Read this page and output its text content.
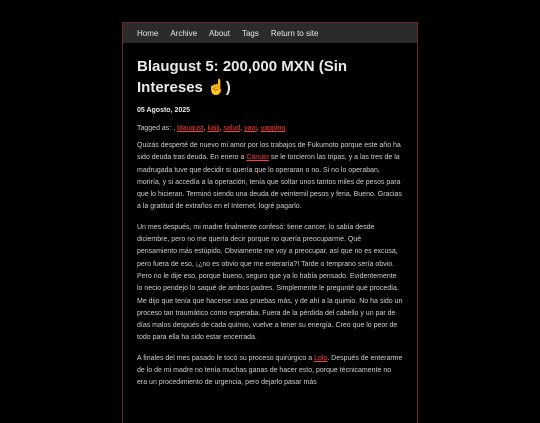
Home Archive About Tags Return to site
Blaugust 5: 200,000 MXN (Sin Intereses ☝️)
05 Agosto, 2025
Tagged as: , blaugust, kaiji, salud, yaoi, yapping

Quizás desperté de nuevo mi amor por los trabajos de Fukumoto porque este año ha sido deuda tras deuda. En enero a Canuto se le torcieron las tripas, y a las tres de la madrugada tuve que decidir si quería que lo operaran o no. Si no lo operaban, moriría, y si accedía a la operación, tenía que soltar unos tantos miles de pesos para que lo hicieran. Terminó siendo una deuda de veintemil pesos y feria. Bueno. Gracias a la gratitud de extraños en el Internet, logré pagarlo.

Un mes después, mi madre finalmente confesó: tiene cancer, lo sabía desde diciembre, pero no me quería decir porque no quería preocuparme. Qué pensamiento más estúpido. Obviamente me voy a preocupar, así que no es excusa, pero fuera de eso, ¡¿no es obvio que me enteraría?! Tarde o temprano sería obvio. Pero no le dije eso, porque bueno, seguro que ya lo había pensado. Evidentemente lo necio pendejo lo saqué de ambos padres. Simplemente le pregunté qué procedía. Me dijo que tenía que hacerse unas pruebas más, y de ahí a la quimio. No ha sido un proceso tan traumático como esperaba. Fuera de la pérdida del cabello y un par de días malos después de cada quimio, vuelve a tener su energía. Creo que lo peor de todo para ella ha sido estar encerrada.

A finales del mes pasado le tocó su proceso quirúrgico a Lolo. Después de enterarme de lo de mi madre no tenía muchas ganas de hacer esto, porque técnicamente no era un procedimiento de urgencia, pero dejarlo pasar más
